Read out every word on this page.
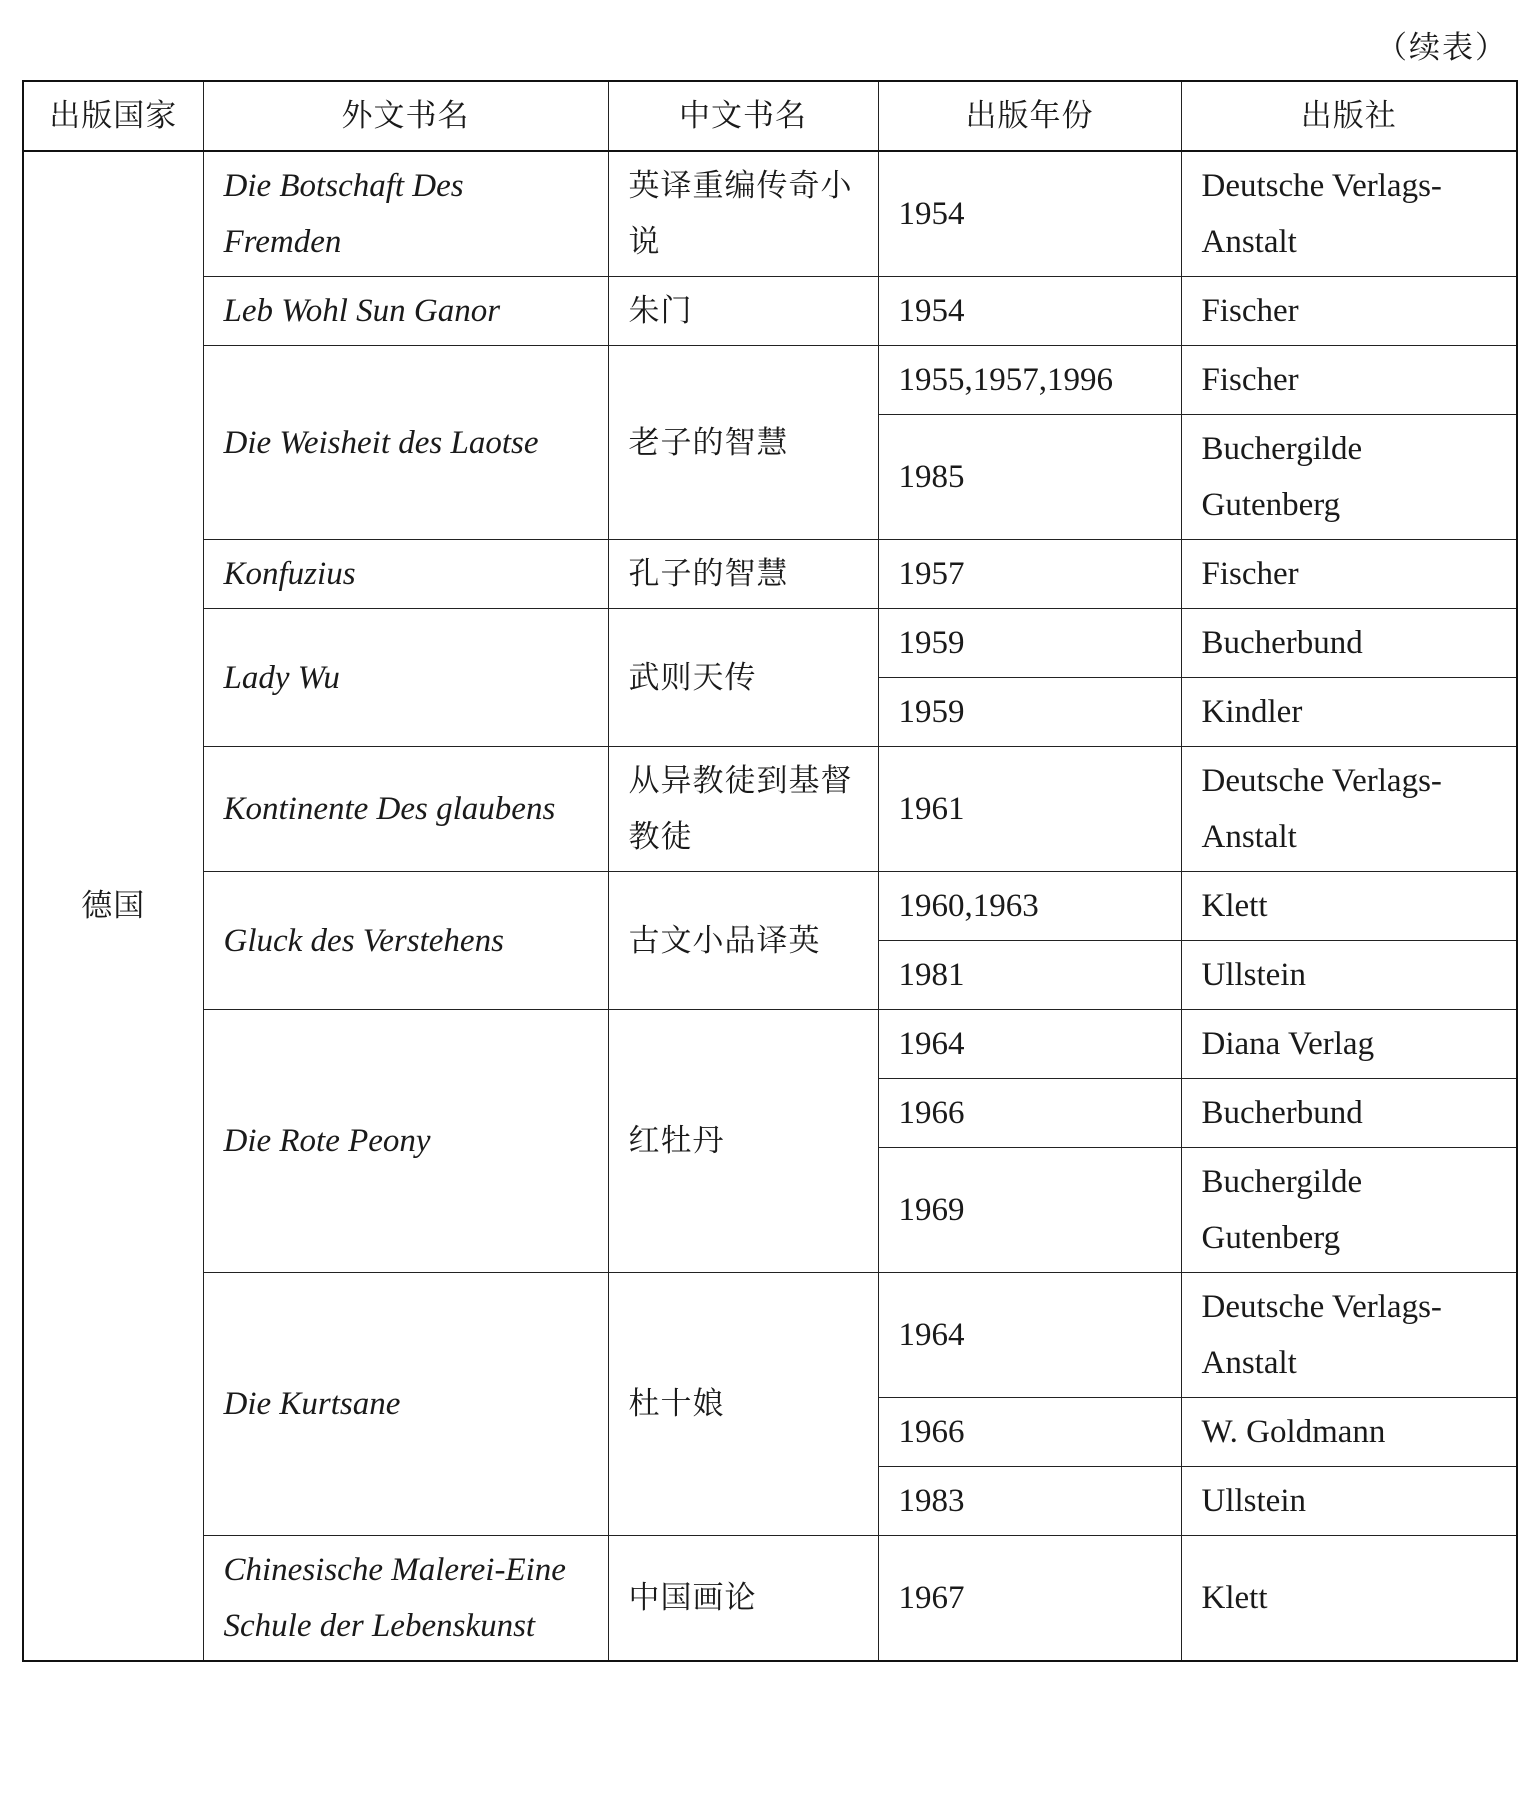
（续表）
出版国家	外文书名	中文书名	出版年份	出版社
德国	Die Botschaft Des Fremden	英译重编传奇小说	1954	Deutsche Verlags-Anstalt
	Leb Wohl Sun Ganor	朱门	1954	Fischer
	Die Weisheit des Laotse	老子的智慧	1955,1957,1996	Fischer
			1985	Buchergilde Gutenberg
	Konfuzius	孔子的智慧	1957	Fischer
	Lady Wu	武则天传	1959	Bucherbund
			1959	Kindler
	Kontinente Des glaubens	从异教徒到基督教徒	1961	Deutsche Verlags-Anstalt
	Gluck des Verstehens	古文小品译英	1960,1963	Klett
			1981	Ullstein
	Die Rote Peony	红牡丹	1964	Diana Verlag
			1966	Bucherbund
			1969	Buchergilde Gutenberg
	Die Kurtsane	杜十娘	1964	Deutsche Verlags-Anstalt
			1966	W. Goldmann
			1983	Ullstein
	Chinesische Malerei-Eine Schule der Lebenskunst	中国画论	1967	Klett
